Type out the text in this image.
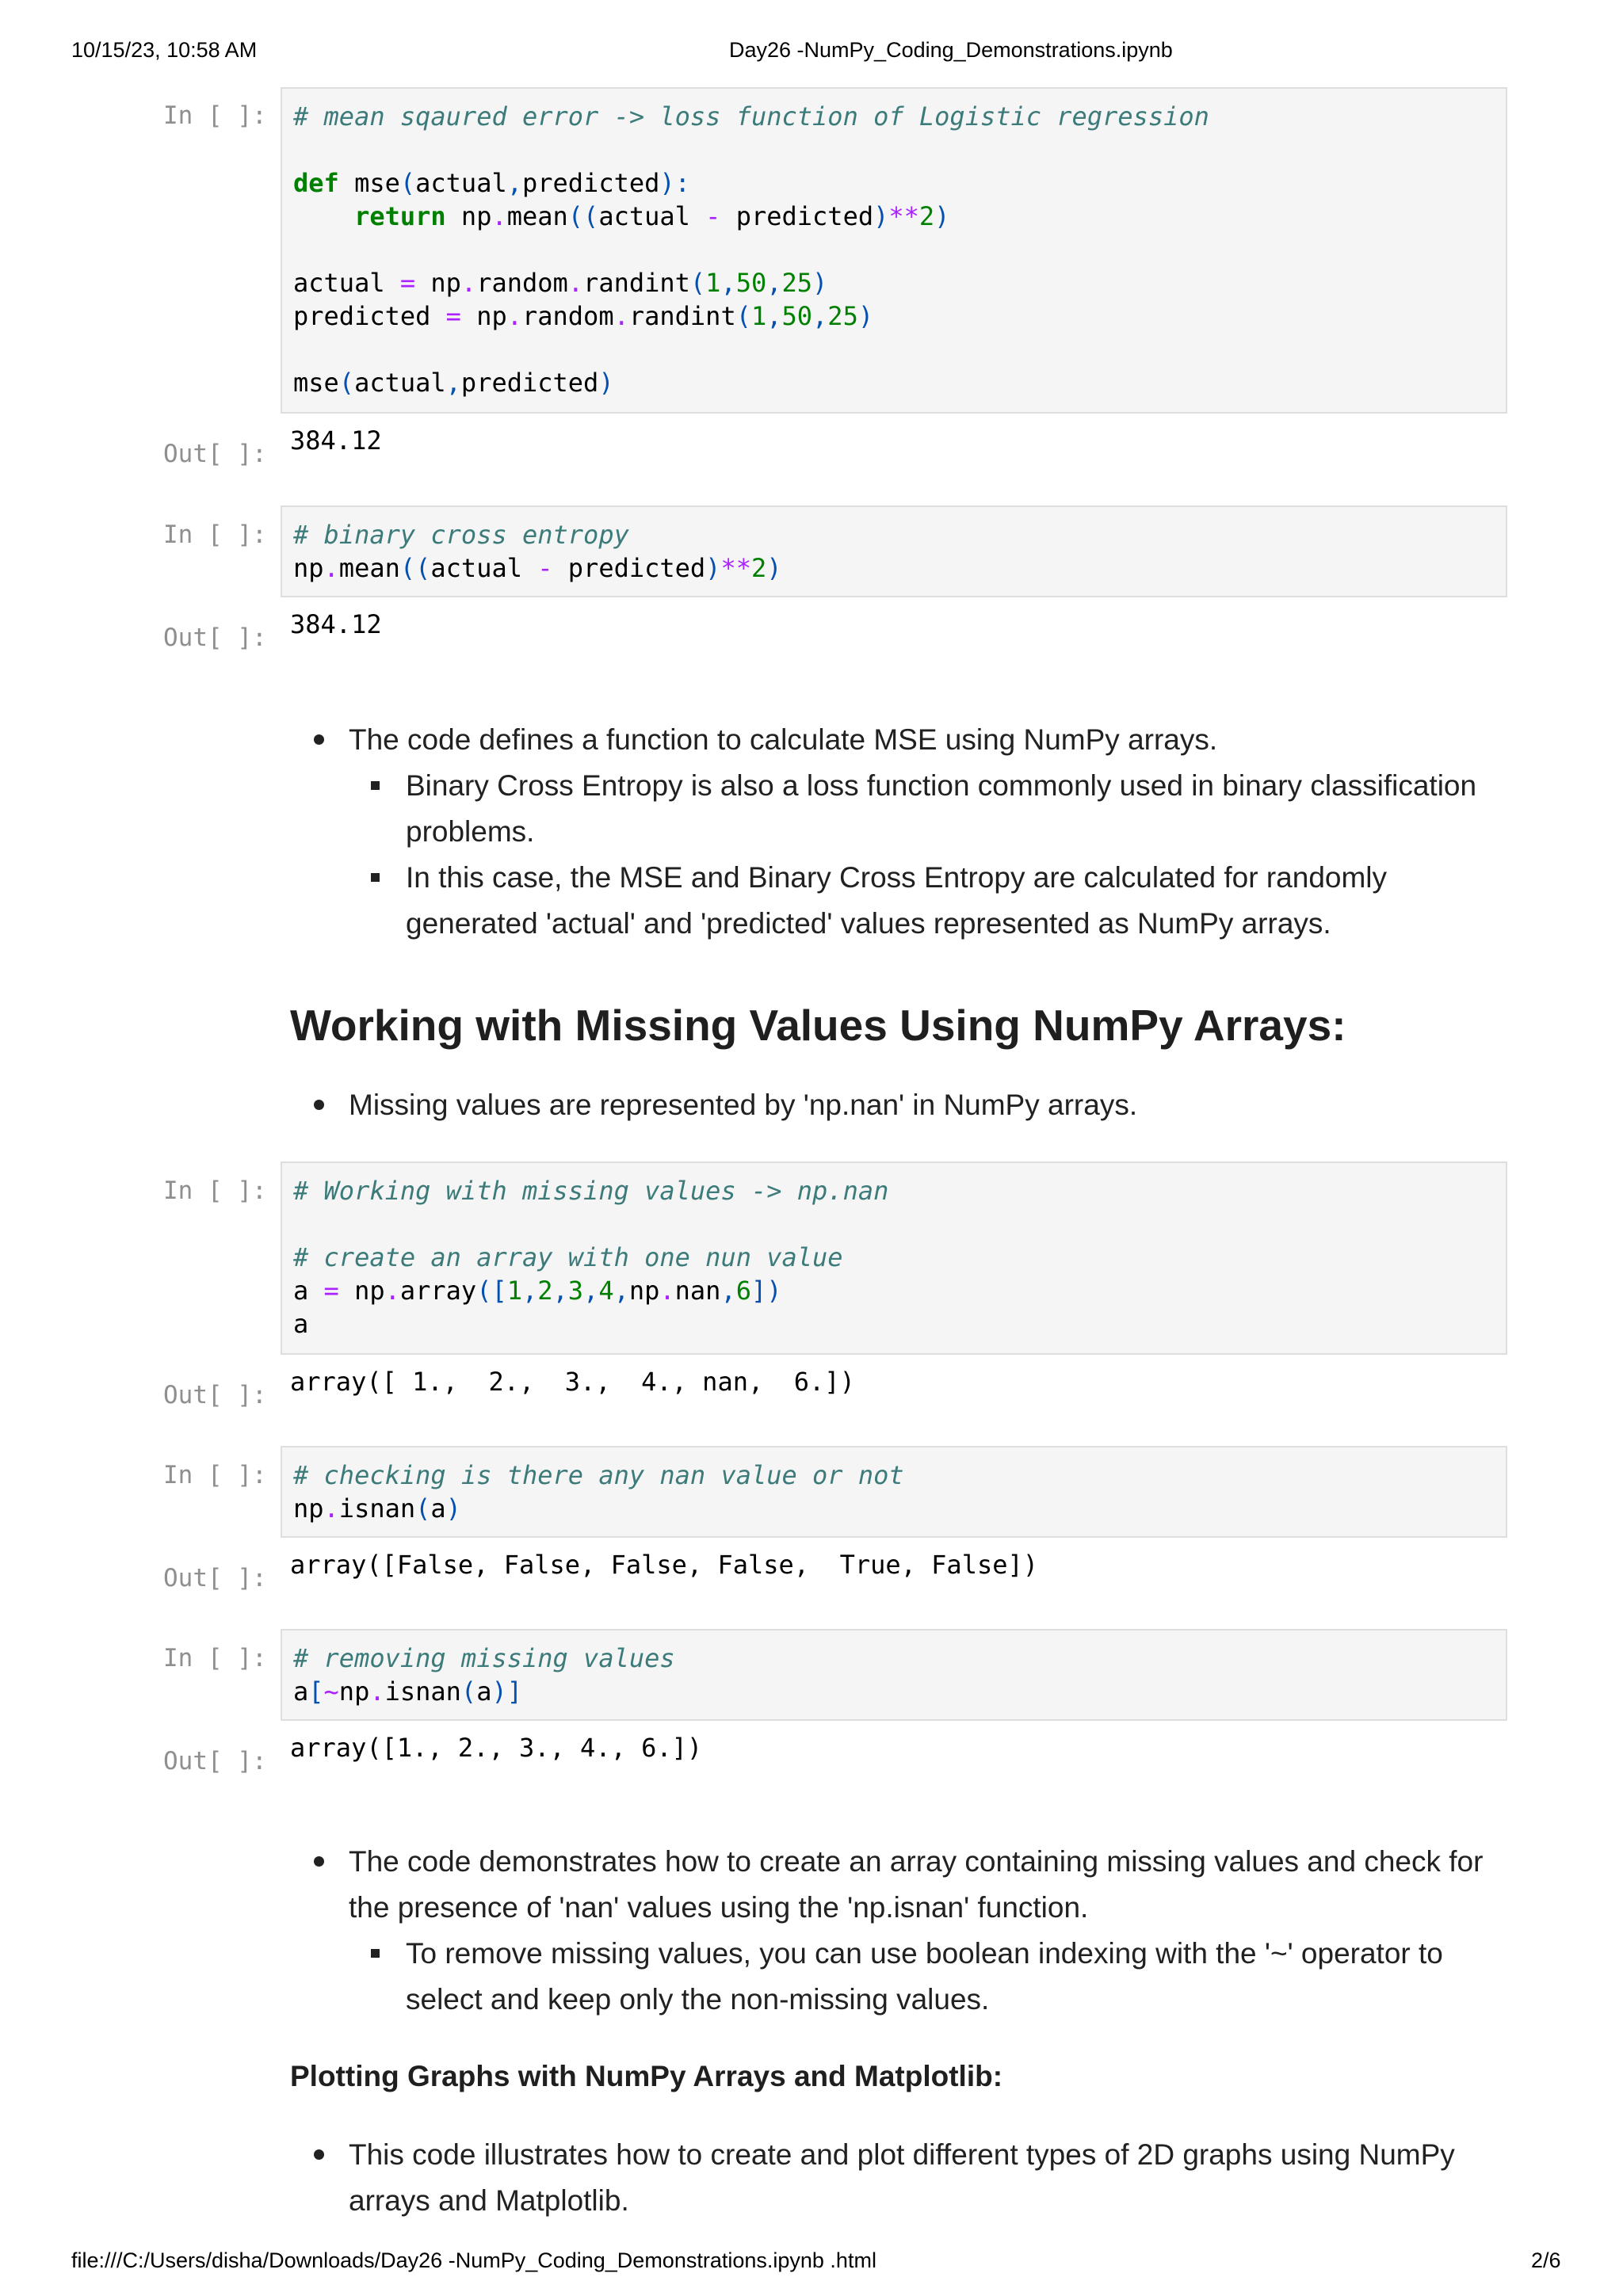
10/15/23, 10:58 AM	Day26 -NumPy_Coding_Demonstrations.ipynb
In [ ]:	# mean sqaured error -> loss function of Logistic regression

def mse(actual,predicted):
return np.mean((actual - predicted)**2)

actual = np.random.randint(1,50,25)
predicted = np.random.randint(1,50,25)

mse(actual,predicted)
Out[ ]: 384.12
In [ ]:	# binary cross entropy
np.mean((actual - predicted)**2)
Out[ ]: 384.12
The code defines a function to calculate MSE using NumPy arrays.
Binary Cross Entropy is also a loss function commonly used in binary classification
problems.
In this case, the MSE and Binary Cross Entropy are calculated for randomly
generated 'actual' and 'predicted' values represented as NumPy arrays.
Working with Missing Values Using NumPy Arrays:
Missing values are represented by 'np.nan' in NumPy arrays.
In [ ]:	# Working with missing values -> np.nan

# create an array with one nun value
a = np.array([1,2,3,4,np.nan,6])
a
Out[ ]: array([ 1.,  2.,  3.,  4., nan,  6.])
In [ ]:	# checking is there any nan value or not
np.isnan(a)
Out[ ]: array([False, False, False, False,  True, False])
In [ ]:	# removing missing values
a[~np.isnan(a)]
Out[ ]: array([1., 2., 3., 4., 6.])
The code demonstrates how to create an array containing missing values and check for
the presence of 'nan' values using the 'np.isnan' function.
To remove missing values, you can use boolean indexing with the '~' operator to
select and keep only the non-missing values.
Plotting Graphs with NumPy Arrays and Matplotlib:
This code illustrates how to create and plot different types of 2D graphs using NumPy
arrays and Matplotlib.
file:///C:/Users/disha/Downloads/Day26 -NumPy_Coding_Demonstrations.ipynb .html	2/6
